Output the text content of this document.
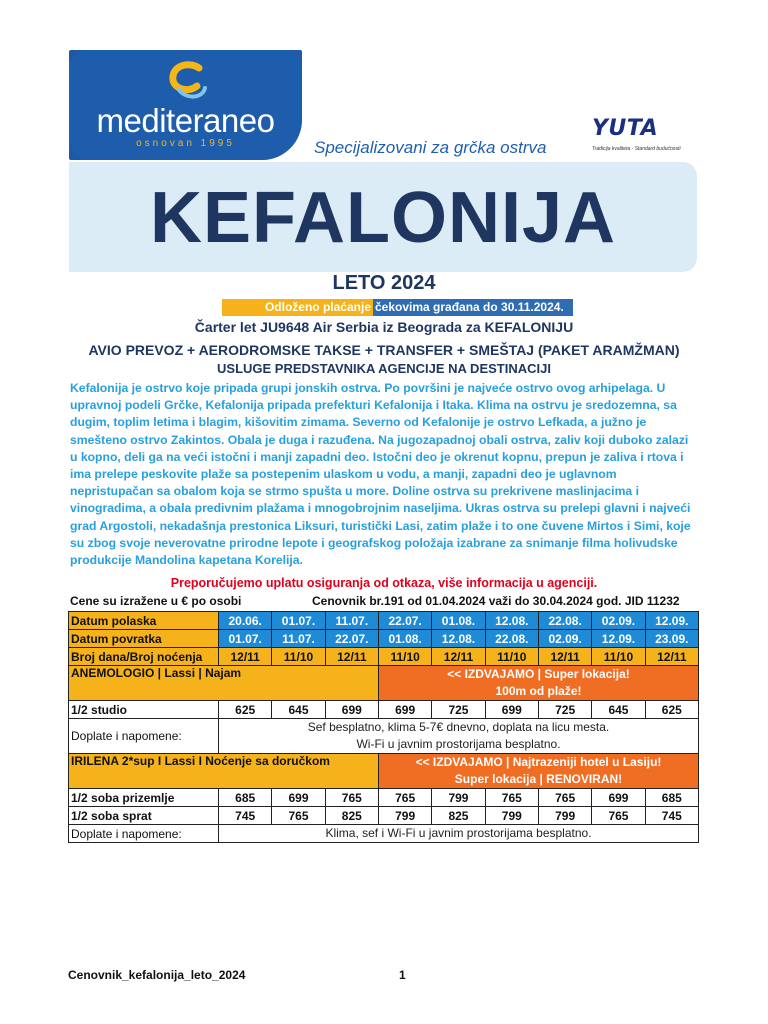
mediteraneo
osnovan 1995	Specijalizovani za grčka ostrva
YUTA
Tradicija kvaliteta · Standard budućnosti
KEFALONIJA
LETO 2024
Odloženo plaćanje čekovima građana do 30.11.2024.
Čarter let JU9648 Air Serbia iz Beograda za KEFALONIJU
AVIO PREVOZ + AERODROMSKE TAKSE + TRANSFER + SMEŠTAJ (PAKET ARAMŽMAN)
USLUGE PREDSTAVNIKA AGENCIJE NA DESTINACIJI
Kefalonija je ostrvo koje pripada grupi jonskih ostrva. Po površini je najveće ostrvo ovog arhipelaga. U upravnoj podeli Grčke, Kefalonija pripada prefekturi Kefalonija i Itaka. Klima na ostrvu je sredozemna, sa dugim, toplim letima i blagim, kišovitim zimama. Severno od Kefalonije je ostrvo Lefkada, a južno je smešteno ostrvo Zakintos. Obala je duga i razuđena. Na jugozapadnoj obali ostrva, zaliv koji duboko zalazi u kopno, deli ga na veći istočni i manji zapadni deo. Istočni deo je okrenut kopnu, prepun je zaliva i rtova i ima prelepe peskovite plaže sa postepenim ulaskom u vodu, a manji, zapadni deo je uglavnom nepristupačan sa obalom koja se strmo spušta u more. Doline ostrva su prekrivene maslinjacima i vinogradima, a obala predivnim plažama i mnogobrojnim naseljima. Ukras ostrva su prelepi glavni i najveći grad Argostoli, nekadašnja prestonica Liksuri, turistički Lasi, zatim plaže i to one čuvene Mirtos i Simi, koje su zbog svoje neverovatne prirodne lepote i geografskog položaja izabrane za snimanje filma holivudske produkcije Mandolina kapetana Korelija.
Preporučujemo uplatu osiguranja od otkaza, više informacija u agenciji.
Cene su izražene u € po osobi	Cenovnik br.191 od 01.04.2024 važi do 30.04.2024 god. JID 11232
Datum polaska	20.06.	01.07.	11.07.	22.07.	01.08.	12.08.	22.08.	02.09.	12.09.
Datum povratka	01.07.	11.07.	22.07.	01.08.	12.08.	22.08.	02.09.	12.09.	23.09.
Broj dana/Broj noćenja	12/11	11/10	12/11	11/10	12/11	11/10	12/11	11/10	12/11
ANEMOLOGIO | Lassi | Najam				<< IZDVAJAMO | Super lokacija!
100m od plaže!					

1/2 studio	625	645	699	699	725	699	725	645	625
Doplate i napomene:	Sef besplatno, klima 5-7€ dnevno, doplata na licu mesta.
Wi-Fi u javnim prostorijama besplatno.								

IRILENA 2*sup I Lassi I Noćenje sa doručkom				<< IZDVAJAMO | Najtrazeniji hotel u Lasiju!
Super lokacija | RENOVIRAN!					

1/2 soba prizemlje	685	699	765	765	799	765	765	699	685
1/2 soba sprat	745	765	825	799	825	799	799	765	745
Doplate i napomene:	Klima, sef i Wi-Fi u javnim prostorijama besplatno.								
Cenovnik_kefalonija_leto_2024	1
